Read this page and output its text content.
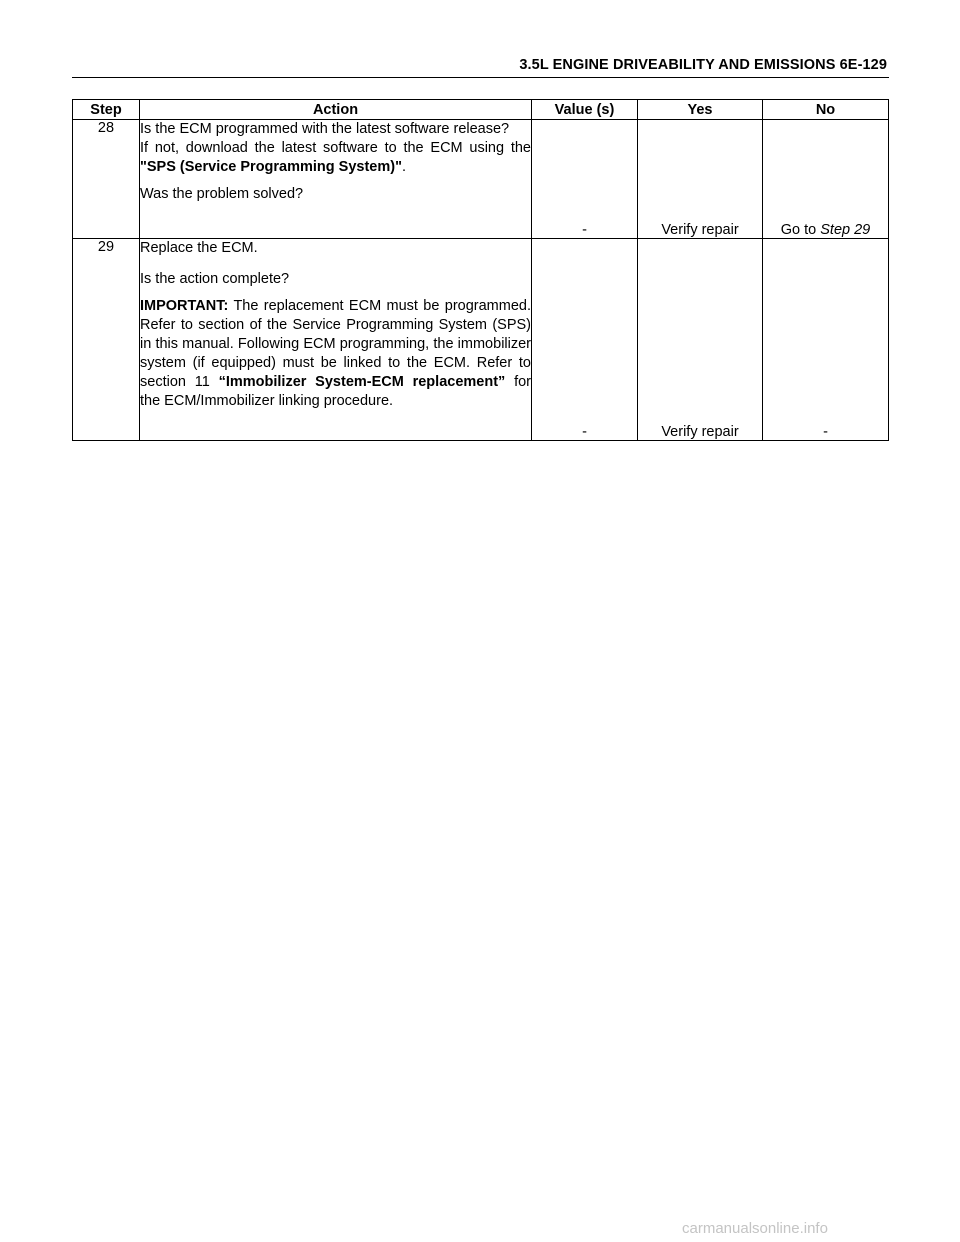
3.5L ENGINE DRIVEABILITY AND EMISSIONS 6E-129
Step	Action	Value (s)	Yes	No
28	Is the ECM programmed with the latest software release?

If not, download the latest software to the ECM using the "SPS (Service Programming System)".

Was the problem solved?	-	Verify repair	Go to Step 29
29	Replace the ECM.

Is the action complete?

IMPORTANT: The replacement ECM must be programmed. Refer to section of the Service Programming System (SPS) in this manual. Following ECM programming, the immobilizer system (if equipped) must be linked to the ECM. Refer to section 11 “Immobilizer System-ECM replacement” for the ECM/Immobilizer linking procedure.	-	Verify repair	-
carmanualsonline.info
